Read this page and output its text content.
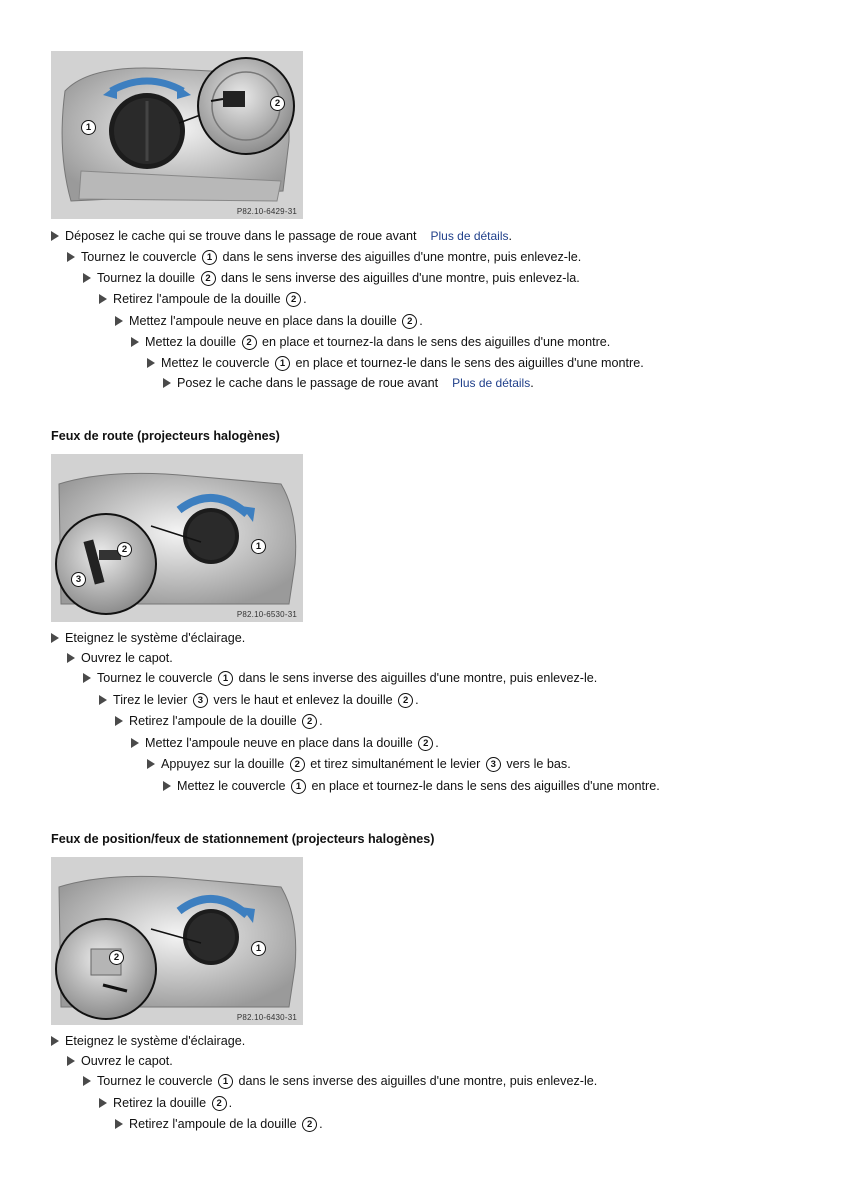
1
2
P82.10-6429-31
Déposez le cache qui se trouve dans le passage de roue avant Plus de détails.
Tournez le couvercle 1 dans le sens inverse des aiguilles d'une montre, puis enlevez-le.
Tournez la douille 2 dans le sens inverse des aiguilles d'une montre, puis enlevez-la.
Retirez l'ampoule de la douille 2 .
Mettez l'ampoule neuve en place dans la douille 2 .
Mettez la douille 2 en place et tournez-la dans le sens des aiguilles d'une montre.
Mettez le couvercle 1 en place et tournez-le dans le sens des aiguilles d'une montre.
Posez le cache dans le passage de roue avant Plus de détails.
Feux de route (projecteurs halogènes)
2	1
3
P82.10-6530-31
Eteignez le système d'éclairage.
Ouvrez le capot.
Tournez le couvercle 1 dans le sens inverse des aiguilles d'une montre, puis enlevez-le.
Tirez le levier 3 vers le haut et enlevez la douille 2 .
Retirez l'ampoule de la douille 2 .
Mettez l'ampoule neuve en place dans la douille 2 .
Appuyez sur la douille 2 et tirez simultanément le levier 3 vers le bas.
Mettez le couvercle 1 en place et tournez-le dans le sens des aiguilles d'une montre.
Feux de position/feux de stationnement (projecteurs halogènes)
2
1
P82.10-6430-31
Eteignez le système d'éclairage.
Ouvrez le capot.
Tournez le couvercle 1 dans le sens inverse des aiguilles d'une montre, puis enlevez-le.
Retirez la douille 2 .
Retirez l'ampoule de la douille 2 .
